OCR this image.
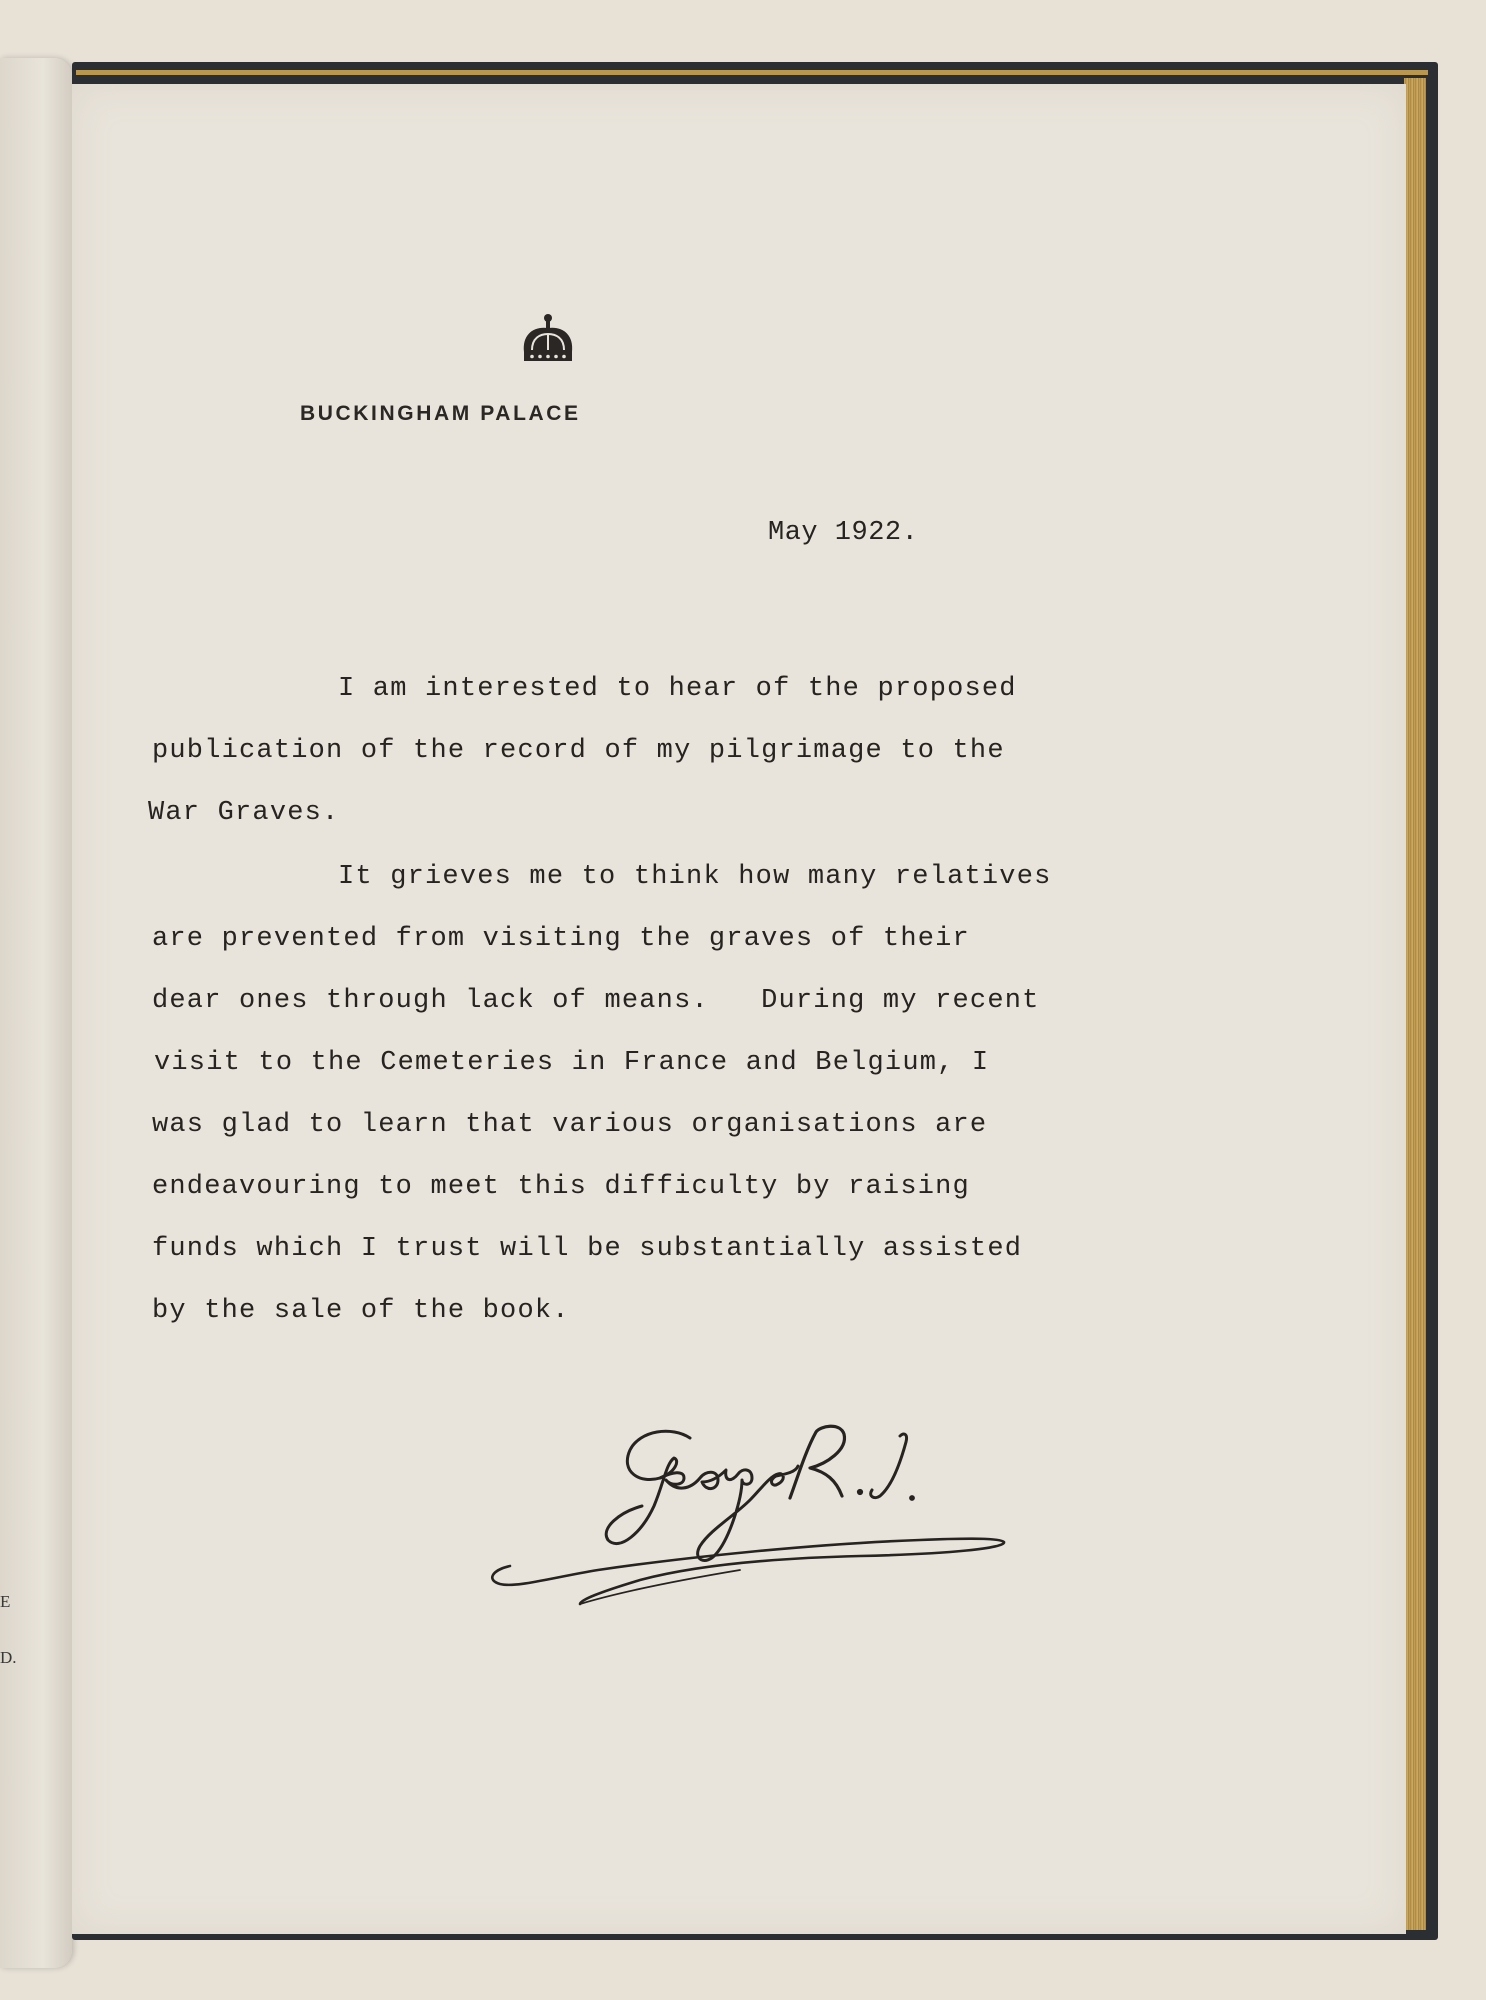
E
D.
BUCKINGHAM PALACE
May 1922.
I am interested to hear of the proposed
publication of the record of my pilgrimage to the
War Graves.
It grieves me to think how many relatives
are prevented from visiting the graves of their
dear ones through lack of means.   During my recent
visit to the Cemeteries in France and Belgium, I
was glad to learn that various organisations are
endeavouring to meet this difficulty by raising
funds which I trust will be substantially assisted
by the sale of the book.
